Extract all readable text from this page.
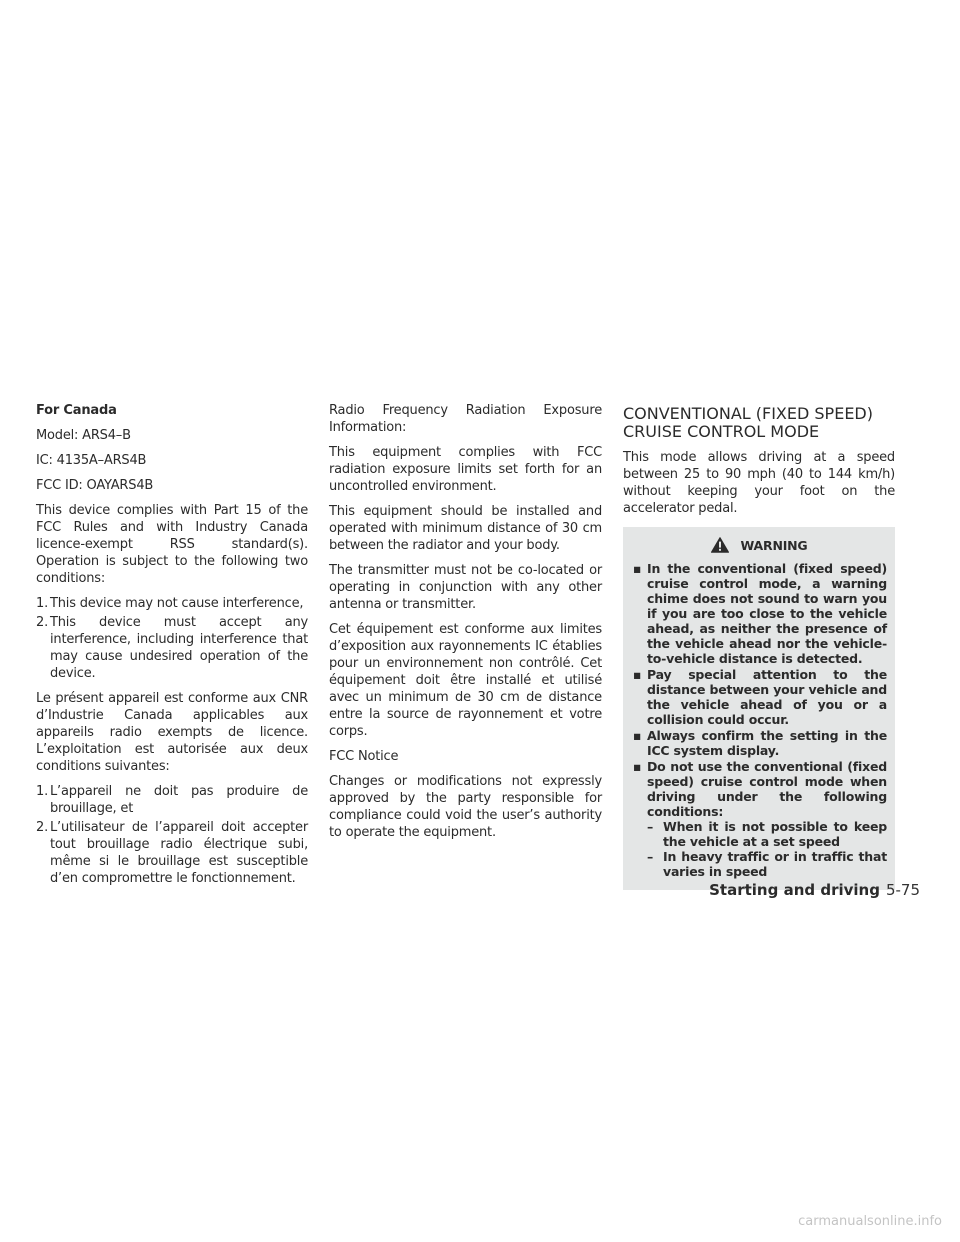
For Canada

Model: ARS4–B

IC: 4135A–ARS4B

FCC ID: OAYARS4B

This device complies with Part 15 of the FCC Rules and with Industry Canada licence-exempt RSS standard(s). Operation is subject to the following two conditions:

1. This device may not cause interference,
2. This device must accept any interference, including interference that may cause undesired operation of the device.

Le présent appareil est conforme aux CNR d’Industrie Canada applicables aux appareils radio exempts de licence. L’exploitation est autorisée aux deux conditions suivantes:

1. L’appareil ne doit pas produire de brouillage, et
2. L’utilisateur de l’appareil doit accepter tout brouillage radio électrique subi, même si le brouillage est susceptible d’en compromettre le fonctionnement.

Radio Frequency Radiation Exposure Information:

This equipment complies with FCC radiation exposure limits set forth for an uncontrolled environment.

This equipment should be installed and operated with minimum distance of 30 cm between the radiator and your body.

The transmitter must not be co-located or operating in conjunction with any other antenna or transmitter.

Cet équipement est conforme aux limites d’exposition aux rayonnements IC établies pour un environnement non contrôlé. Cet équipement doit être installé et utilisé avec un minimum de 30 cm de distance entre la source de rayonnement et votre corps.

FCC Notice

Changes or modifications not expressly approved by the party responsible for compliance could void the user’s authority to operate the equipment.

CONVENTIONAL (FIXED SPEED)
CRUISE CONTROL MODE

This mode allows driving at a speed between 25 to 90 mph (40 to 144 km/h) without keeping your foot on the accelerator pedal.

WARNING
▪ In the conventional (fixed speed) cruise control mode, a warning chime does not sound to warn you if you are too close to the vehicle ahead, as neither the presence of the vehicle ahead nor the vehicle-to-vehicle distance is detected.
▪ Pay special attention to the distance between your vehicle and the vehicle ahead of you or a collision could occur.
▪ Always confirm the setting in the ICC system display.
▪ Do not use the conventional (fixed speed) cruise control mode when driving under the following conditions:
– When it is not possible to keep the vehicle at a set speed
– In heavy traffic or in traffic that varies in speed
Starting and driving 5-75
carmanualsonline.info
